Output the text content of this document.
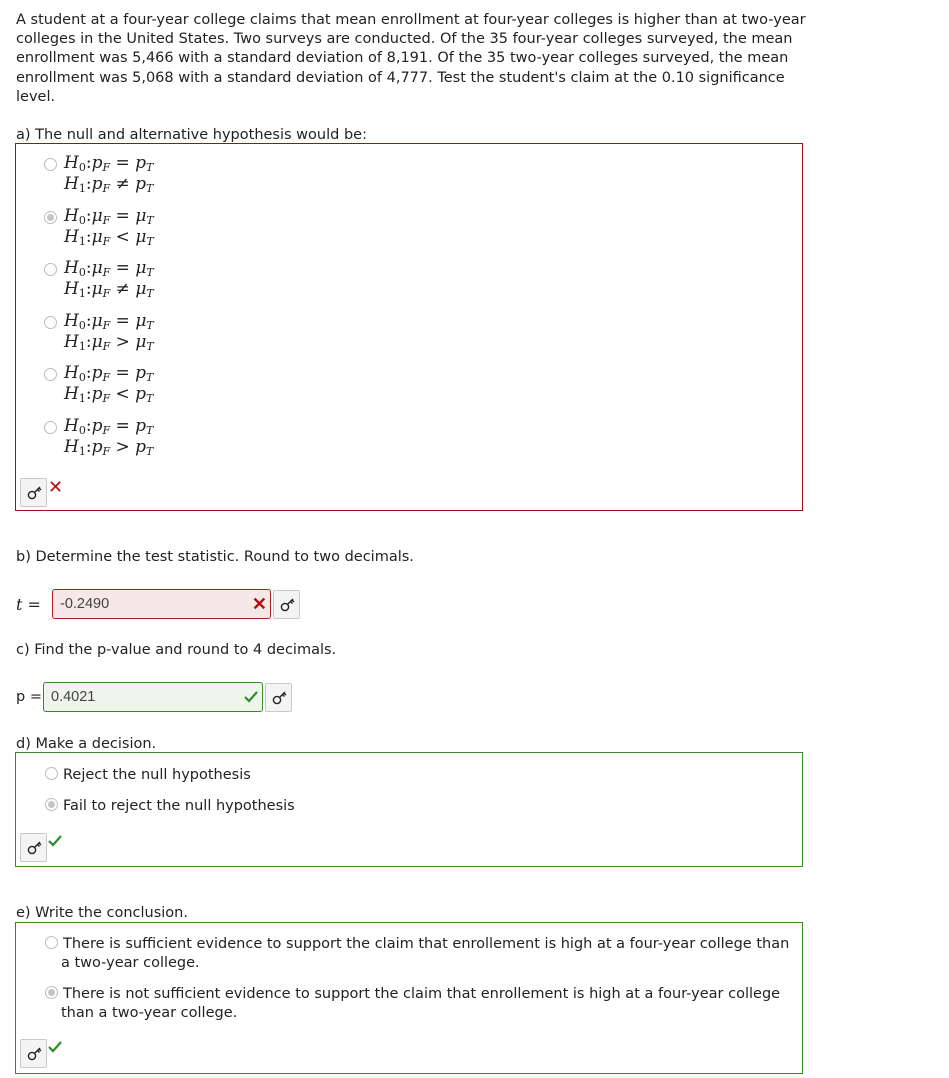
A student at a four-year college claims that mean enrollment at four-year colleges is higher than at two-year colleges in the United States. Two surveys are conducted. Of the 35 four-year colleges surveyed, the mean enrollment was 5,466 with a standard deviation of 8,191. Of the 35 two-year colleges surveyed, the mean enrollment was 5,068 with a standard deviation of 4,777. Test the student's claim at the 0.10 significance level.
a) The null and alternative hypothesis would be:
$H0:p_F = p_T$
$H1:p_F \ne p_T$
$H0:\mu_F = \mu_T$
$H1:\mu_F < \mu_T$
$H0:\mu_F = \mu_T$
$H1:\mu_F \ne \mu_T$
$H0:\mu_F = \mu_T$
$H1:\mu_F > \mu_T$
$H0:p_F = p_T$
$H1:p_F < p_T$
$H0:p_F = p_T$
$H1:p_F > p_T$
✕
b) Determine the test statistic. Round to two decimals.
t =	-0.2490	✕
c) Find the p-value and round to 4 decimals.
p = 0.4021
d) Make a decision.
Reject the null hypothesis
Fail to reject the null hypothesis
e) Write the conclusion.
There is sufficient evidence to support the claim that enrollement is high at a four-year college than
a two-year college.
There is not sufficient evidence to support the claim that enrollement is high at a four-year college
than a two-year college.
